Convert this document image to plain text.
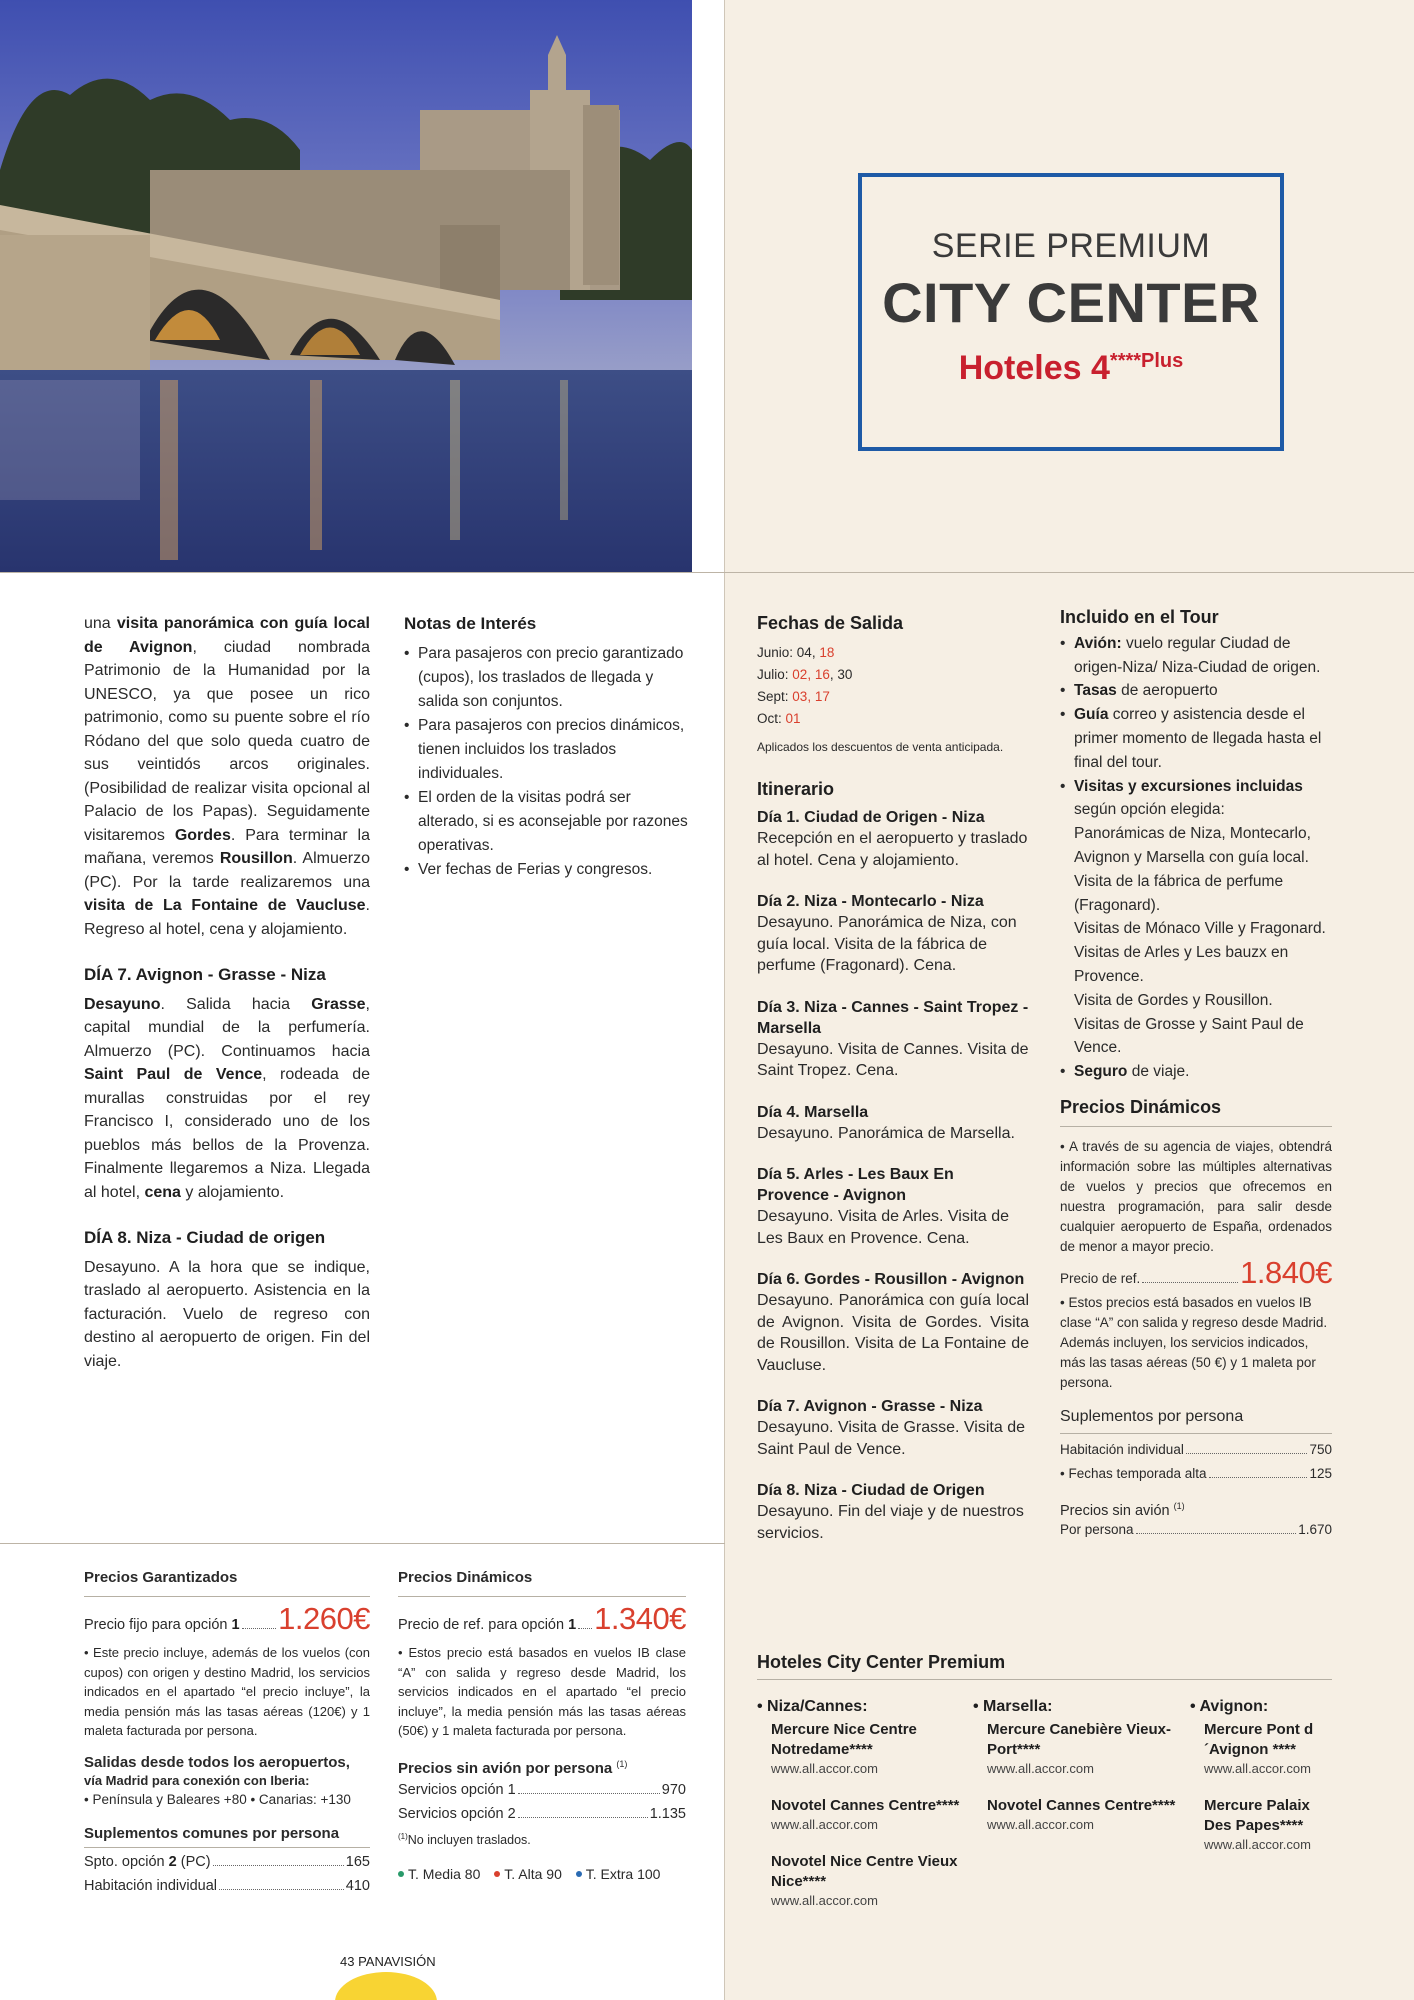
SERIE PREMIUM
CITY CENTER
Hoteles $4^{****Plus}$

una visita panorámica con guía local de Avignon, ciudad nombrada Patrimonio de la Humanidad por la UNESCO, ya que posee un rico patrimonio, como su puente sobre el río Ródano del que solo queda cuatro de sus veintidós arcos originales. (Posibilidad de realizar visita opcional al Palacio de los Papas). Seguidamente visitaremos Gordes. Para terminar la mañana, veremos Rousillon. Almuerzo (PC). Por la tarde realizaremos una visita de La Fontaine de Vaucluse. Regreso al hotel, cena y alojamiento.

DÍA 7. Avignon - Grasse - Niza

Desayuno. Salida hacia Grasse, capital mundial de la perfumería. Almuerzo (PC). Continuamos hacia Saint Paul de Vence, rodeada de murallas construidas por el rey Francisco I, considerado uno de los pueblos más bellos de la Provenza. Finalmente llegaremos a Niza. Llegada al hotel, cena y alojamiento.

DÍA 8. Niza - Ciudad de origen

Desayuno. A la hora que se indique, traslado al aeropuerto. Asistencia en la facturación. Vuelo de regreso con destino al aeropuerto de origen. Fin del viaje.

Notas de Interés
• Para pasajeros con precio garantizado (cupos), los traslados de llegada y salida son conjuntos.
• Para pasajeros con precios dinámicos, tienen incluidos los traslados individuales.
• El orden de la visitas podrá ser alterado, si es aconsejable por razones operativas.
• Ver fechas de Ferias y congresos.
Fechas de Salida
Junio: 04, 18
Julio: 02, 16, 30
Sept: 03, 17
Oct: 01
Aplicados los descuentos de venta anticipada.
Itinerario
Día 1. Ciudad de Origen - Niza
Recepción en el aeropuerto y traslado al hotel. Cena y alojamiento.
Día 2. Niza - Montecarlo - Niza
Desayuno. Panorámica de Niza, con guía local. Visita de la fábrica de perfume (Fragonard). Cena.
Día 3. Niza - Cannes - Saint Tropez - Marsella
Desayuno. Visita de Cannes. Visita de Saint Tropez. Cena.
Día 4. Marsella
Desayuno. Panorámica de Marsella.
Día 5. Arles - Les Baux En Provence - Avignon
Desayuno. Visita de Arles. Visita de Les Baux en Provence. Cena.
Día 6. Gordes - Rousillon - Avignon
Desayuno. Panorámica con guía local de Avignon. Visita de Gordes. Visita de Rousillon. Visita de La Fontaine de Vaucluse.
Día 7. Avignon - Grasse - Niza
Desayuno. Visita de Grasse. Visita de Saint Paul de Vence.
Día 8. Niza - Ciudad de Origen
Desayuno. Fin del viaje y de nuestros servicios.
Incluido en el Tour
• Avión: vuelo regular Ciudad de origen-Niza/ Niza-Ciudad de origen.
• Tasas de aeropuerto
• Guía correo y asistencia desde el primer momento de llegada hasta el final del tour.
• Visitas y excursiones incluidas
según opción elegida:
Panorámicas de Niza, Montecarlo, Avignon y Marsella con guía local.
Visita de la fábrica de perfume (Fragonard).
Visitas de Mónaco Ville y Fragonard.
Visitas de Arles y Les bauzx en Provence.
Visita de Gordes y Rousillon.
Visitas de Grosse y Saint Paul de Vence.
• Seguro de viaje.
Precios Dinámicos
• A través de su agencia de viajes, obtendrá información sobre las múltiples alternativas de vuelos y precios que ofrecemos en nuestra programación, para salir desde cualquier aeropuerto de España, ordenados de menor a mayor precio.
Precio de ref.	1.840€
• Estos precios está basados en vuelos IB clase “A” con salida y regreso desde Madrid. Además incluyen, los servicios indicados, más las tasas aéreas (50 €) y 1 maleta por persona.
Suplementos por persona
Habitación individual	750
• Fechas temporada alta	125
Precios sin avión $^{(1)}$
Por persona	1.670
Precios Garantizados
Precio fijo para opción 1 1.260€
• Este precio incluye, además de los vuelos (con cupos) con origen y destino Madrid, los servicios indicados en el apartado “el precio incluye”, la media pensión más las tasas aéreas (120€) y 1 maleta facturada por persona.
Salidas desde todos los aeropuertos,
vía Madrid para conexión con Iberia:
• Península y Baleares +80 • Canarias: +130
Suplementos comunes por persona
Spto. opción 2 (PC)	165
Habitación individual	410
Precios Dinámicos
Precio de ref. para opción 1 1.340€
• Estos precio está basados en vuelos IB clase “A” con salida y regreso desde Madrid, los servicios indicados en el apartado “el precio incluye”, la media pensión más las tasas aéreas (50€) y 1 maleta facturada por persona.
Precios sin avión por persona $^{(1)}$
Servicios opción 1	970
Servicios opción 2	1.135
$^{(1)}$No incluyen traslados.
T. Media 80 T. Alta 90 T. Extra 100
Hoteles City Center Premium
• Niza/Cannes:
Mercure Nice Centre Notredame****
www.all.accor.com
Novotel Cannes Centre****
www.all.accor.com
Novotel Nice Centre Vieux Nice****
www.all.accor.com
• Marsella:
Mercure Canebière Vieux-Port****
www.all.accor.com
Novotel Cannes Centre****
www.all.accor.com
• Avignon:
Mercure Pont d´Avignon ****
www.all.accor.com
Mercure Palaix Des Papes****
www.all.accor.com
43 PANAVISIÓN
